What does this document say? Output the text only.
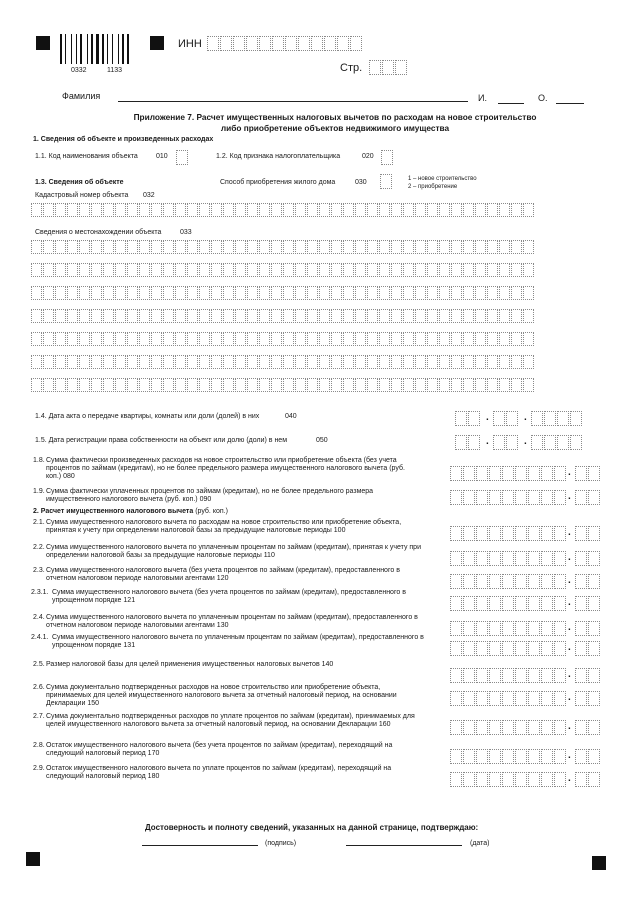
0332	1133
ИНН
Стр.
Фамилия	И.	О.
Приложение 7. Расчет имущественных налоговых вычетов по расходам на новое строительство
либо приобретение объектов недвижимого имущества
1. Сведения об объекте и произведенных расходах
1.1. Код наименования объекта	010	1.2. Код признака налогоплательщика	020
1.3. Сведения об объекте	Способ приобретения жилого дома	030	1 – новое строительство
2 – приобретение
Кадастровый номер объекта 032
Сведения о местонахождении объекта	033
1.4. Дата акта о передаче квартиры, комнаты или доли (долей) в них	040	.	.
1.5. Дата регистрации права собственности на объект или долю (доли) в нем	050	.	.
1.8. Сумма фактически произведенных расходов на новое строительство или приобретение объекта (без учета процентов по займам (кредитам), но не более предельного размера имущественного налогового вычета (руб. коп.) 080	.
1.9. Сумма фактически уплаченных процентов по займам (кредитам), но не более предельного размера имущественного налогового вычета (руб. коп.) 090	.
2. Расчет имущественного налогового вычета (руб. коп.)
2.1. Сумма имущественного налогового вычета по расходам на новое строительство или приобретение объекта, принятая к учету при определении налоговой базы за предыдущие налоговые периоды 100	.
2.2. Сумма имущественного налогового вычета по уплаченным процентам по займам (кредитам), принятая к учету при определении налоговой базы за предыдущие налоговые периоды 110	.
2.3. Сумма имущественного налогового вычета (без учета процентов по займам (кредитам), предоставленного в отчетном налоговом периоде налоговыми агентами 120	.
2.3.1. Сумма имущественного налогового вычета (без учета процентов по займам (кредитам), предоставленного в упрощенном порядке 121	.
2.4. Сумма имущественного налогового вычета по уплаченным процентам по займам (кредитам), предоставленного в отчетном налоговом периоде налоговыми агентами 130	.
2.4.1. Сумма имущественного налогового вычета по уплаченным процентам по займам (кредитам), предоставленного в упрощенном порядке 131	.
2.5. Размер налоговой базы для целей применения имущественных налоговых вычетов 140
.
2.6. Сумма документально подтвержденных расходов на новое строительство или приобретение объекта, принимаемых для целей имущественного налогового вычета за отчетный налоговый период, на основании Декларации 150
.
2.7. Сумма документально подтвержденных расходов по уплате процентов по займам (кредитам), принимаемых для целей имущественного налогового вычета за отчетный налоговый период, на основании Декларации 160	.
2.8. Остаток имущественного налогового вычета (без учета процентов по займам (кредитам), переходящий на следующий налоговый период 170	.
2.9. Остаток имущественного налогового вычета по уплате процентов по займам (кредитам), переходящий на следующий налоговый период 180	.
Достоверность и полноту сведений, указанных на данной странице, подтверждаю:
(подпись)	(дата)
